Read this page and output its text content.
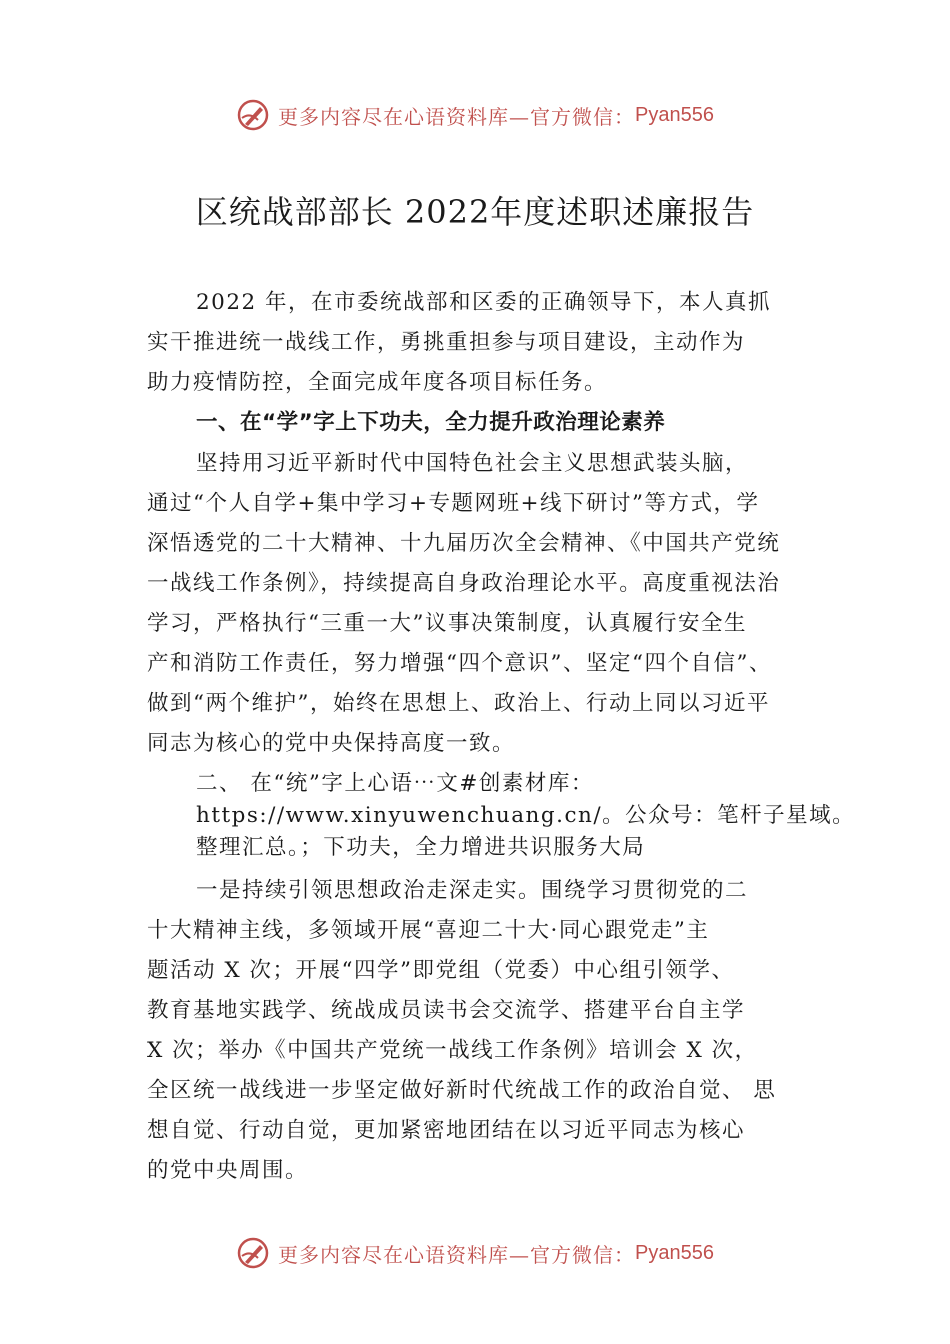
更多内容尽在心语资料库—官方微信： Pyan556
区统战部部长 2022年度述职述廉报告
2022 年，在市委统战部和区委的正确领导下，本人真抓
实干推进统一战线工作，勇挑重担参与项目建设，主动作为
助力疫情防控，全面完成年度各项目标任务。
一、在“学”字上下功夫，全力提升政治理论素养
坚持用习近平新时代中国特色社会主义思想武装头脑，
通过“个人自学+集中学习+专题网班+线下研讨”等方式，学
深悟透党的二十大精神、十九届历次全会精神、《中国共产党统
一战线工作条例》，持续提高自身政治理论水平。高度重视法治
学习，严格执行“三重一大”议事决策制度，认真履行安全生
产和消防工作责任，努力增强“四个意识”、坚定“四个自信”、
做到“两个维护”，始终在思想上、政治上、行动上同以习近平
同志为核心的党中央保持高度一致。
二、 在“统”字上心语⋯文#创素材库：
https://www.xinyuwenchuang.cn/。公众号：笔杆子星域。
整理汇总。；下功夫，全力增进共识服务大局
一是持续引领思想政治走深走实。围绕学习贯彻党的二
十大精神主线，多领域开展“喜迎二十大·同心跟党走”主
题活动 X 次；开展“四学”即党组（党委）中心组引领学、
教育基地实践学、统战成员读书会交流学、搭建平台自主学
X 次；举办《中国共产党统一战线工作条例》培训会 X 次，
全区统一战线进一步坚定做好新时代统战工作的政治自觉、 思
想自觉、行动自觉，更加紧密地团结在以习近平同志为核心
的党中央周围。
更多内容尽在心语资料库—官方微信： Pyan556
